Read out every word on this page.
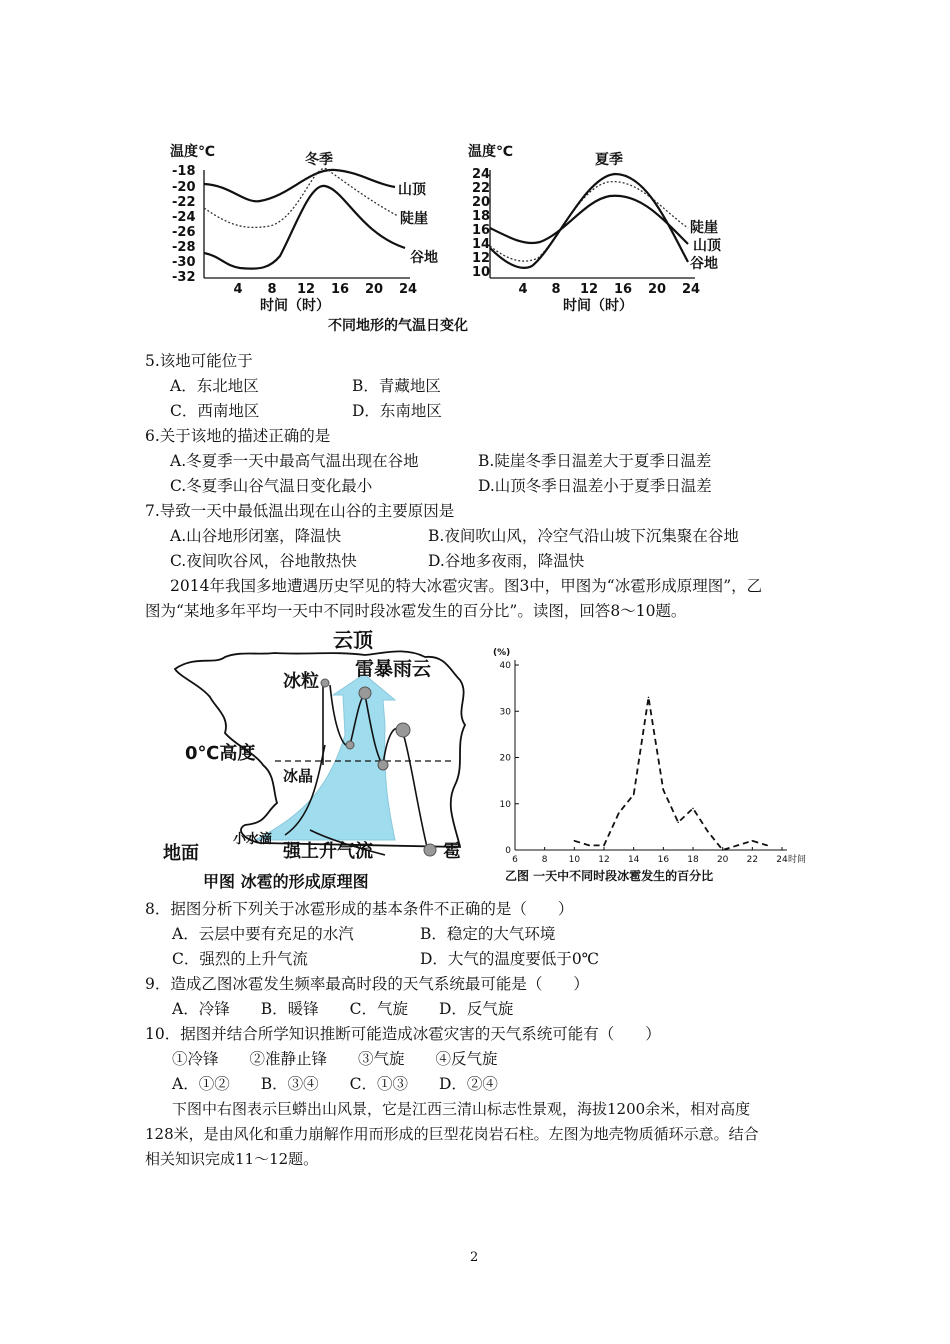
温度℃	冬季
-18
-20
-22
-24
-26
-28
-30
-32
4 8 12 16 20 24
时间（时）
山顶
陡崖
谷地
温度℃	夏季
24
22
20
18
16
14
12
10
4 8 12 16 20 24
时间（时）
陡崖
山顶
谷地
不同地形的气温日变化
5.该地可能位于
A．东北地区	B．青藏地区
C．西南地区	D．东南地区
6.关于该地的描述正确的是
A.冬夏季一天中最高气温出现在谷地	B.陡崖冬季日温差大于夏季日温差
C.冬夏季山谷气温日变化最小	D.山顶冬季日温差小于夏季日温差
7.导致一天中最低温出现在山谷的主要原因是
A.山谷地形闭塞，降温快	B.夜间吹山风，冷空气沿山坡下沉集聚在谷地
C.夜间吹谷风，谷地散热快	D.谷地多夜雨，降温快
2014年我国多地遭遇历史罕见的特大冰雹灾害。图3中，甲图为“冰雹形成原理图”，乙
图为“某地多年平均一天中不同时段冰雹发生的百分比”。读图，回答8～10题。
云顶
雷暴雨云
冰粒
0℃高度
冰晶
小水滴
地面	强上升气流	雹
甲图 冰雹的形成原理图
0
10
20
30
40
6	8 10 12 14 16 18 20 22 24
(%)
时间
乙图 一天中不同时段冰雹发生的百分比
8．据图分析下列关于冰雹形成的基本条件不正确的是（　　）
A．云层中要有充足的水汽	B．稳定的大气环境
C．强烈的上升气流	D．大气的温度要低于0℃
9．造成乙图冰雹发生频率最高时段的天气系统最可能是（　　）
A．冷锋　　B．暖锋　　C．气旋　　D．反气旋
10．据图并结合所学知识推断可能造成冰雹灾害的天气系统可能有（　　）
①冷锋　　②准静止锋　　③气旋　　④反气旋
A．①②　　B．③④　　C．①③　　D．②④
下图中右图表示巨蟒出山风景，它是江西三清山标志性景观，海拔1200余米，相对高度
128米，是由风化和重力崩解作用而形成的巨型花岗岩石柱。左图为地壳物质循环示意。结合
相关知识完成11～12题。
2
